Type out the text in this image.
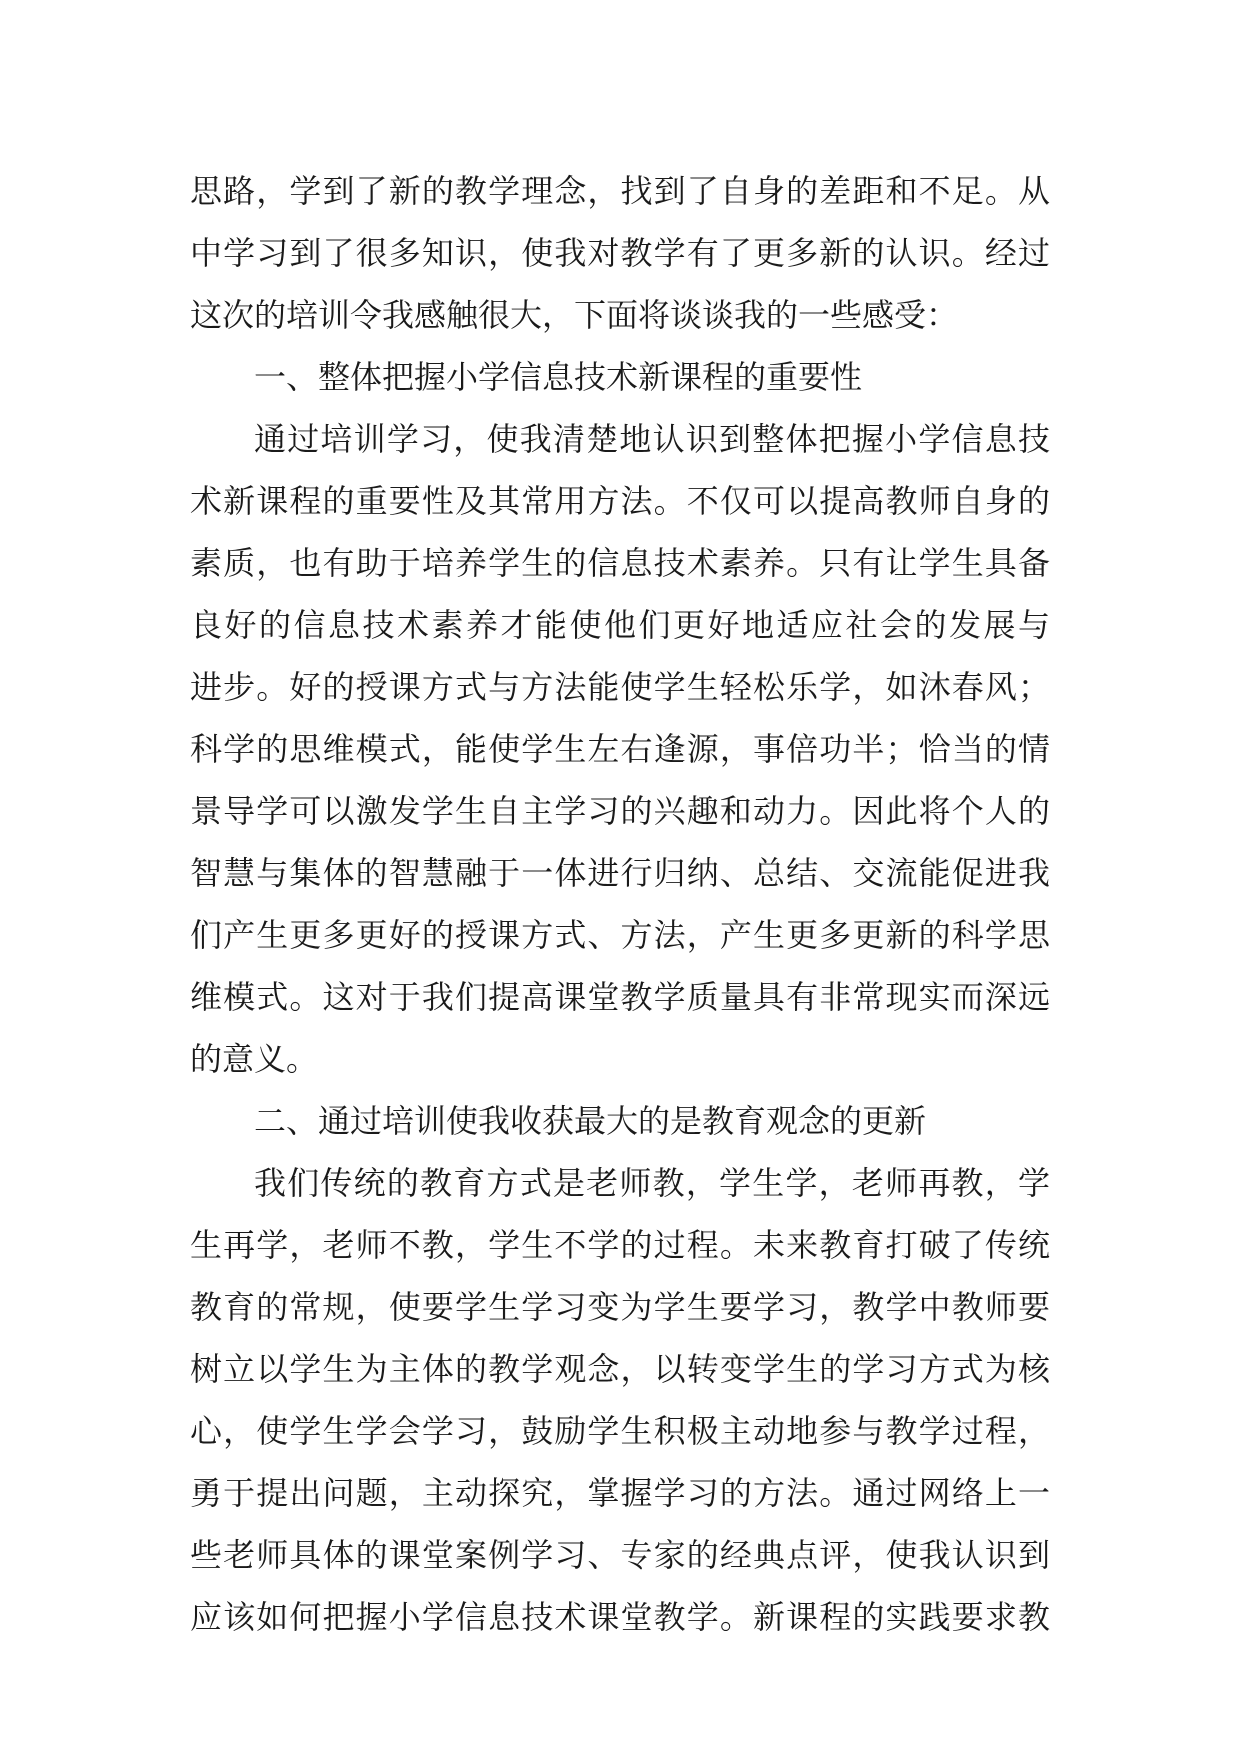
思路，学到了新的教学理念，找到了自身的差距和不足。从
中学习到了很多知识，使我对教学有了更多新的认识。经过
这次的培训令我感触很大，下面将谈谈我的一些感受：
一、整体把握小学信息技术新课程的重要性
通过培训学习，使我清楚地认识到整体把握小学信息技
术新课程的重要性及其常用方法。不仅可以提高教师自身的
素质，也有助于培养学生的信息技术素养。只有让学生具备
良好的信息技术素养才能使他们更好地适应社会的发展与
进步。好的授课方式与方法能使学生轻松乐学，如沐春风；
科学的思维模式，能使学生左右逢源，事倍功半；恰当的情
景导学可以激发学生自主学习的兴趣和动力。因此将个人的
智慧与集体的智慧融于一体进行归纳、总结、交流能促进我
们产生更多更好的授课方式、方法，产生更多更新的科学思
维模式。这对于我们提高课堂教学质量具有非常现实而深远
的意义。
二、通过培训使我收获最大的是教育观念的更新
我们传统的教育方式是老师教，学生学，老师再教，学
生再学，老师不教，学生不学的过程。未来教育打破了传统
教育的常规，使要学生学习变为学生要学习，教学中教师要
树立以学生为主体的教学观念，以转变学生的学习方式为核
心，使学生学会学习，鼓励学生积极主动地参与教学过程，
勇于提出问题，主动探究，掌握学习的方法。通过网络上一
些老师具体的课堂案例学习、专家的经典点评，使我认识到
应该如何把握小学信息技术课堂教学。新课程的实践要求教
